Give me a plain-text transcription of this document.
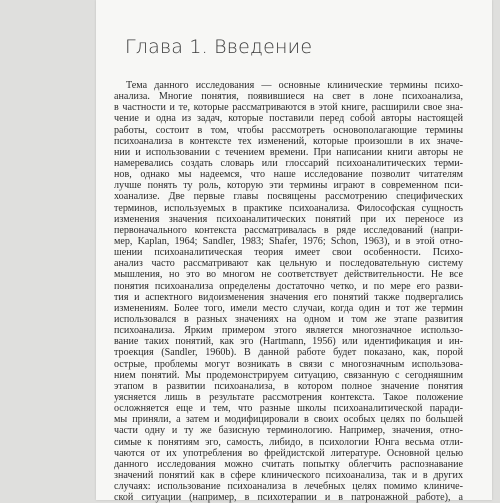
Глава 1. Введение
Тема данного исследования — основные клинические термины психо-
анализа. Многие понятия, появившиеся на свет в лоне психоанализа,
в частности и те, которые рассматриваются в этой книге, расширили свое зна-
чение и одна из задач, которые поставили перед собой авторы настоящей
работы, состоит в том, чтобы рассмотреть основополагающие термины
психоанализа в контексте тех изменений, которые произошли в их значе-
нии и использовании с течением времени. При написании книги авторы не
намеревались создать словарь или глоссарий психоаналитических терми-
нов, однако мы надеемся, что наше исследование позволит читателям
лучше понять ту роль, которую эти термины играют в современном пси-
хоанализе. Две первые главы посвящены рассмотрению специфических
терминов, используемых в практике психоанализа. Философская сущность
изменения значения психоаналитических понятий при их переносе из
первоначального контекста рассматривалась в ряде исследований (напри-
мер, Kaplan, 1964; Sandler, 1983; Shafer, 1976; Schon, 1963), и в этой отно-
шении психоаналитическая теория имеет свои особенности. Психо-
анализ часто рассматривают как цельную и последовательную систему
мышления, но это во многом не соответствует действительности. Не все
понятия психоанализа определены достаточно четко, и по мере его разви-
тия и аспектного видоизменения значения его понятий также подвергались
изменениям. Более того, имели место случаи, когда один и тот же термин
использовался в разных значениях на одном и том же этапе развития
психоанализа. Ярким примером этого является многозначное использо-
вание таких понятий, как эго (Hartmann, 1956) или идентификация и ин-
троекция (Sandler, 1960b). В данной работе будет показано, как, порой
острые, проблемы могут возникать в связи с многозначным использова-
нием понятий. Мы продемонстрируем ситуацию, связанную с сегодняшним
этапом в развитии психоанализа, в котором полное значение понятия
уясняется лишь в результате рассмотрения контекста. Такое положение
осложняется еще и тем, что разные школы психоаналитической паради-
мы приняли, а затем и модифицировали в своих особых целях по большей
части одну и ту же базисную терминологию. Например, значения, отно-
симые к понятиям эго, самость, либидо, в психологии Юнга весьма отли-
чаются от их употребления во фрейдистской литературе. Основной целью
данного исследования можно считать попытку облегчить распознавание
значений понятий как в сфере клинического психоанализа, так и в других
случаях: использование психоанализа в лечебных целях помимо клиниче-
ской ситуации (например, в психотерапии и в патронажной работе), а
